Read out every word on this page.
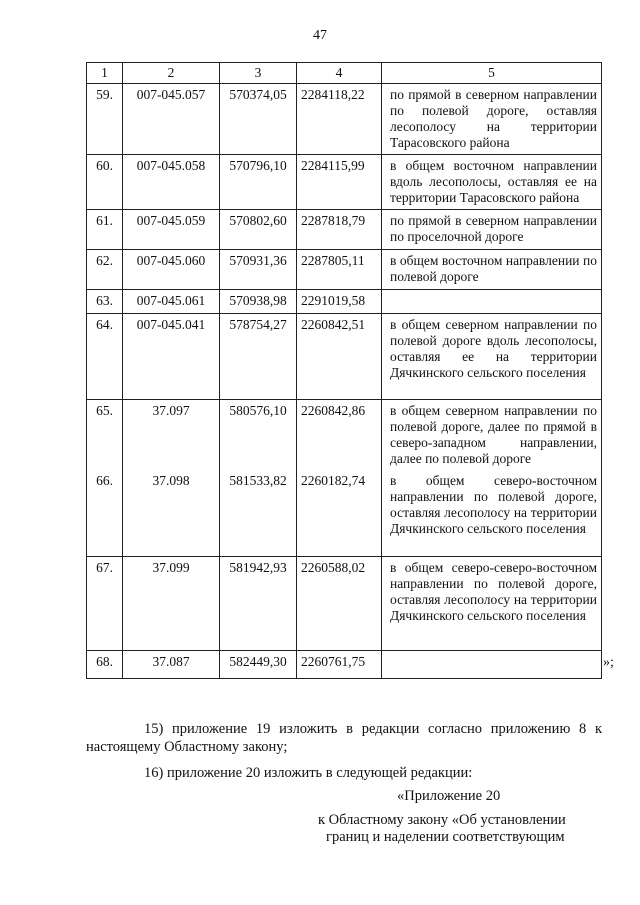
47
1	2	3	4	5
59.	007-045.057	570374,05	2284118,22	по прямой в северном направлении по полевой дороге, оставляя лесополосу на территории Тарасовского района
60.	007-045.058	570796,10	2284115,99	в общем восточном направлении вдоль лесополосы, оставляя ее на территории Тарасовского района
61.	007-045.059	570802,60	2287818,79	по прямой в северном направлении по проселочной дороге
62.	007-045.060	570931,36	2287805,11	в общем восточном направлении по полевой дороге
63.	007-045.061	570938,98	2291019,58	
64.	007-045.041	578754,27	2260842,51	в общем северном направлении по полевой дороге вдоль лесополосы, оставляя ее на территории Дячкинского сельского поселения
65.	37.097	580576,10	2260842,86	в общем северном направлении по полевой дороге, далее по прямой в северо-западном направлении, далее по полевой дороге
66.	37.098	581533,82	2260182,74	в общем северо-восточном направлении по полевой дороге, оставляя лесополосу на территории Дячкинского сельского поселения
67.	37.099	581942,93	2260588,02	в общем северо-северо-восточном направлении по полевой дороге, оставляя лесополосу на территории Дячкинского сельского поселения
68.	37.087	582449,30	2260761,75		»;
15) приложение 19 изложить в редакции согласно приложению 8 к настоящему Областному закону;
16) приложение 20 изложить в следующей редакции:
«Приложение 20
к Областному закону «Об установлении
границ и наделении соответствующим
